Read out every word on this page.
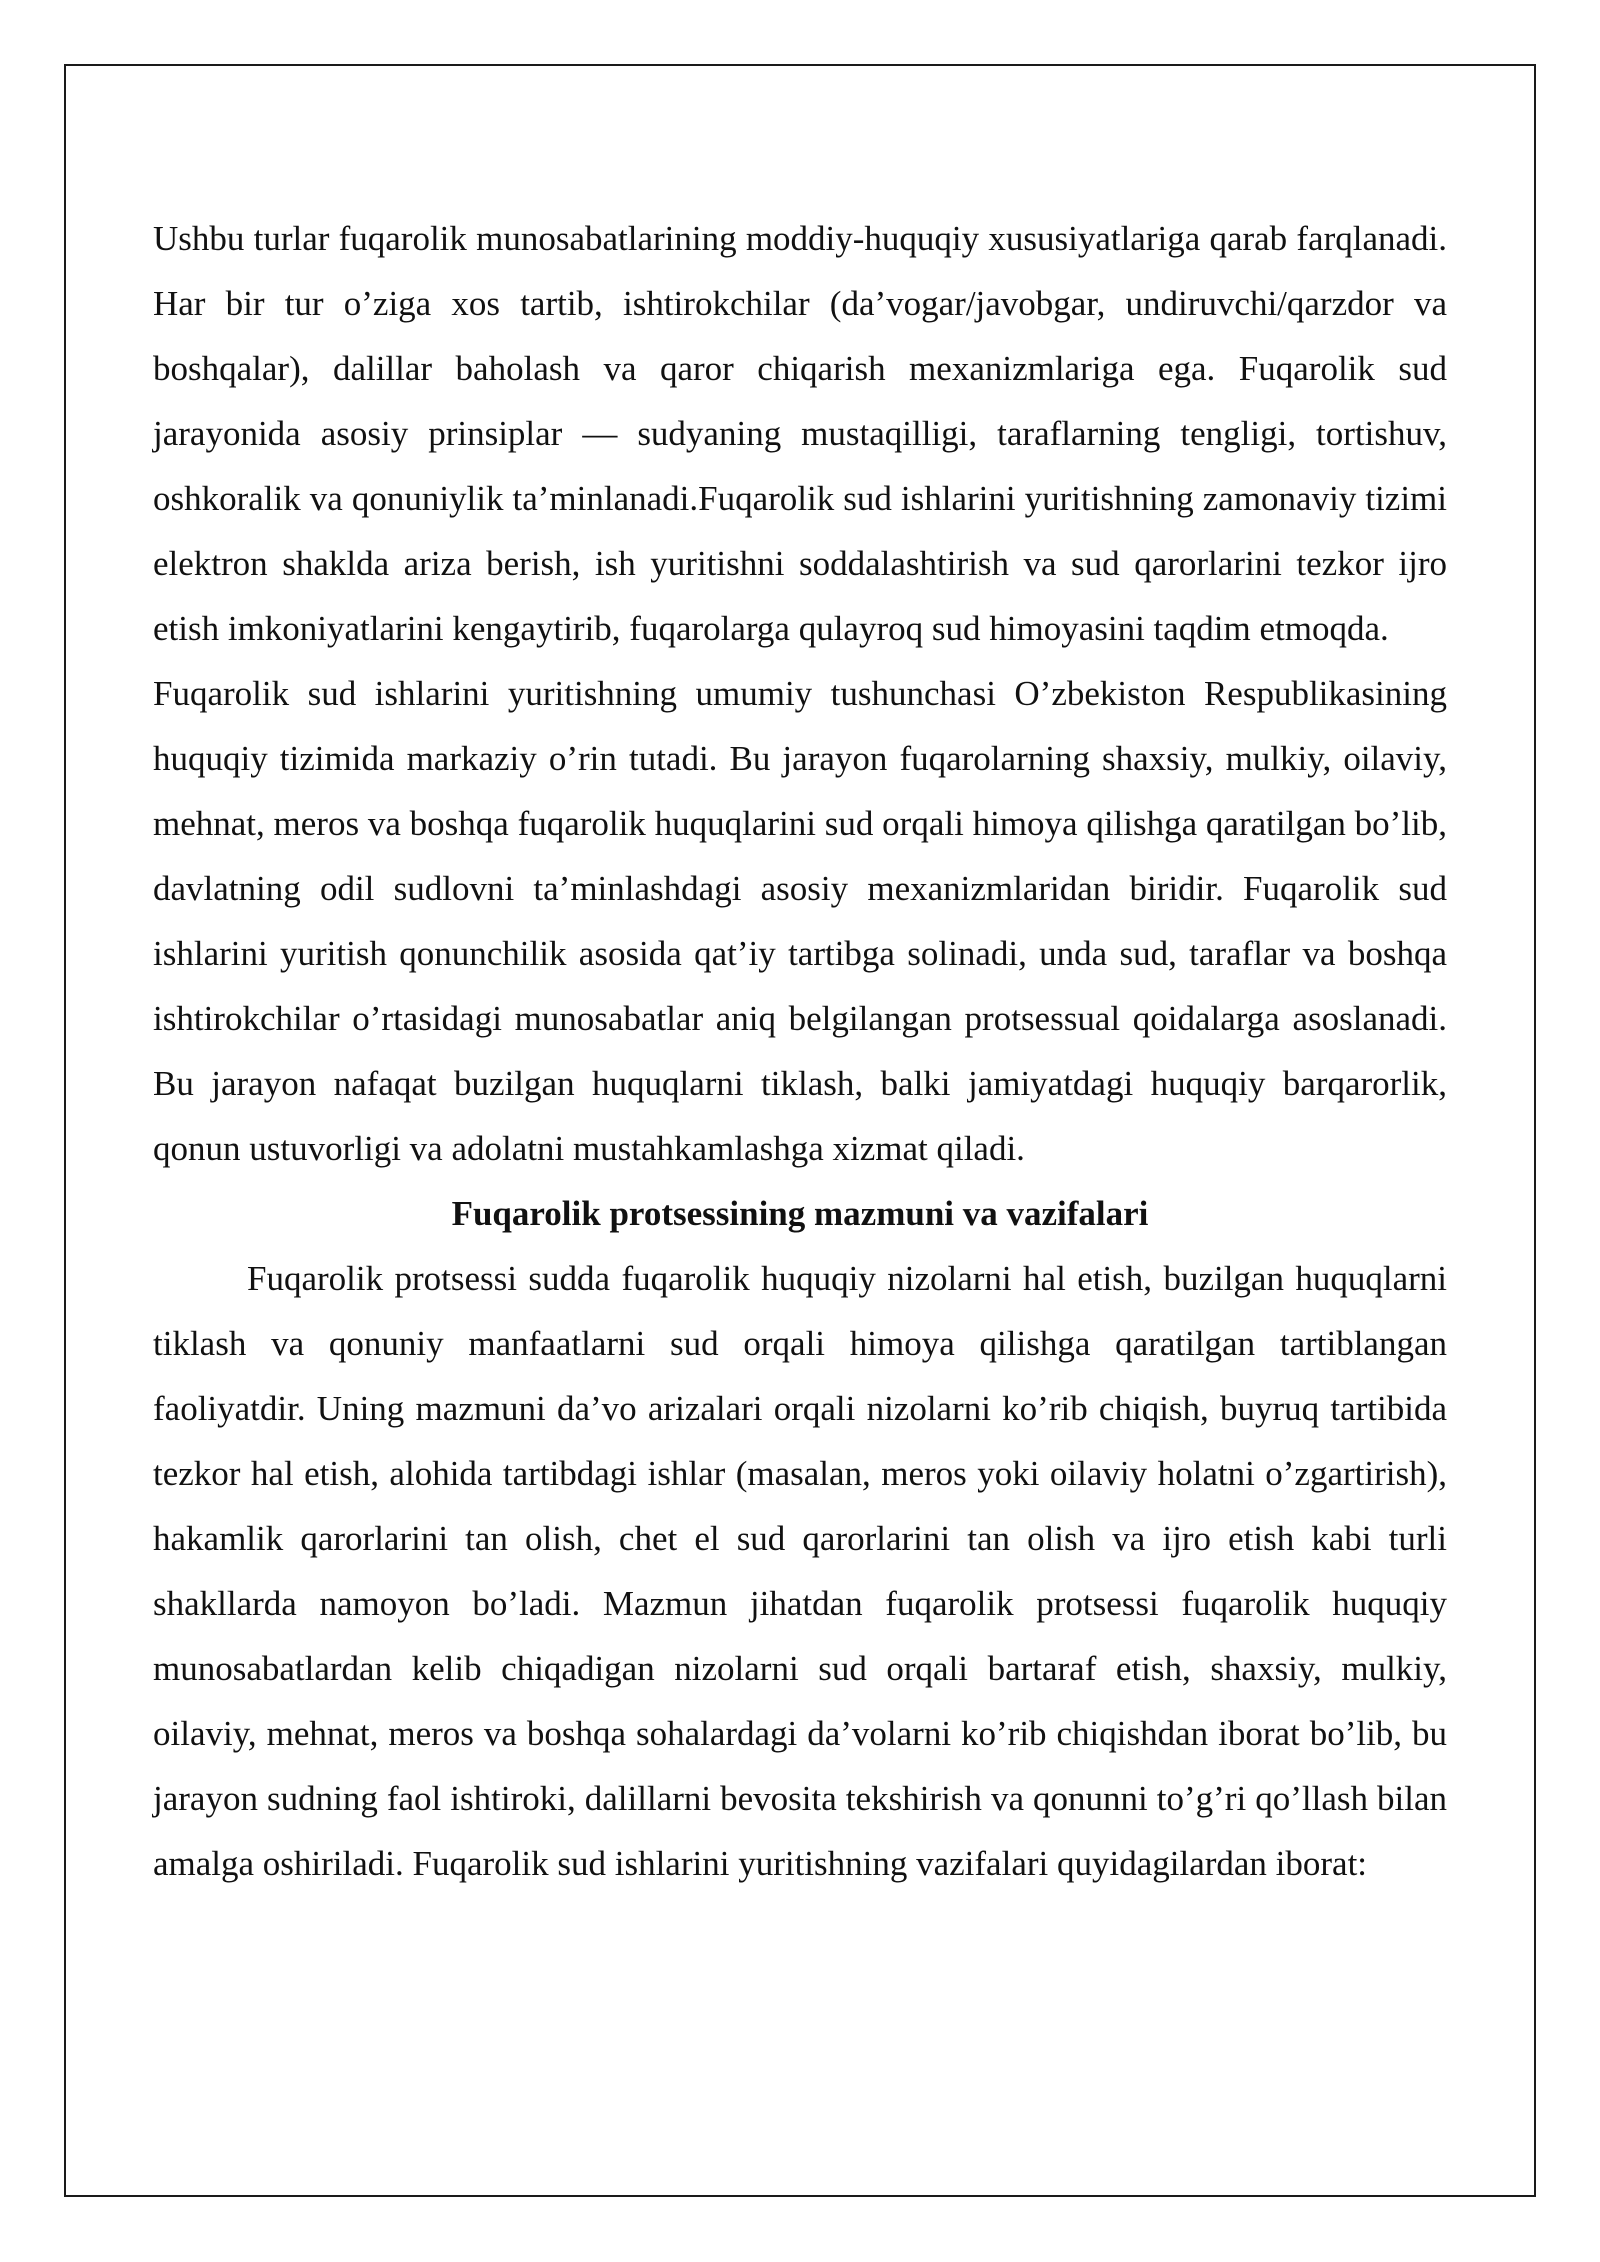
Ushbu turlar fuqarolik munosabatlarining moddiy-huquqiy xususiyatlariga qarab farqlanadi. Har bir tur o’ziga xos tartib, ishtirokchilar (da’vogar/javobgar, undiruvchi/qarzdor va boshqalar), dalillar baholash va qaror chiqarish mexanizmlariga ega. Fuqarolik sud jarayonida asosiy prinsiplar — sudyaning mustaqilligi, taraflarning tengligi, tortishuv, oshkoralik va qonuniylik ta’minlanadi.Fuqarolik sud ishlarini yuritishning zamonaviy tizimi elektron shaklda ariza berish, ish yuritishni soddalashtirish va sud qarorlarini tezkor ijro etish imkoniyatlarini kengaytirib, fuqarolarga qulayroq sud himoyasini taqdim etmoqda.

Fuqarolik sud ishlarini yuritishning umumiy tushunchasi O’zbekiston Respublikasining huquqiy tizimida markaziy o’rin tutadi. Bu jarayon fuqarolarning shaxsiy, mulkiy, oilaviy, mehnat, meros va boshqa fuqarolik huquqlarini sud orqali himoya qilishga qaratilgan bo’lib, davlatning odil sudlovni ta’minlashdagi asosiy mexanizmlaridan biridir. Fuqarolik sud ishlarini yuritish qonunchilik asosida qat’iy tartibga solinadi, unda sud, taraflar va boshqa ishtirokchilar o’rtasidagi munosabatlar aniq belgilangan protsessual qoidalarga asoslanadi. Bu jarayon nafaqat buzilgan huquqlarni tiklash, balki jamiyatdagi huquqiy barqarorlik, qonun ustuvorligi va adolatni mustahkamlashga xizmat qiladi.

Fuqarolik protsessining mazmuni va vazifalari

Fuqarolik protsessi sudda fuqarolik huquqiy nizolarni hal etish, buzilgan huquqlarni tiklash va qonuniy manfaatlarni sud orqali himoya qilishga qaratilgan tartiblangan faoliyatdir. Uning mazmuni da’vo arizalari orqali nizolarni ko’rib chiqish, buyruq tartibida tezkor hal etish, alohida tartibdagi ishlar (masalan, meros yoki oilaviy holatni o’zgartirish), hakamlik qarorlarini tan olish, chet el sud qarorlarini tan olish va ijro etish kabi turli shakllarda namoyon bo’ladi. Mazmun jihatdan fuqarolik protsessi fuqarolik huquqiy munosabatlardan kelib chiqadigan nizolarni sud orqali bartaraf etish, shaxsiy, mulkiy, oilaviy, mehnat, meros va boshqa sohalardagi da’volarni ko’rib chiqishdan iborat bo’lib, bu jarayon sudning faol ishtiroki, dalillarni bevosita tekshirish va qonunni to’g’ri qo’llash bilan amalga oshiriladi. Fuqarolik sud ishlarini yuritishning vazifalari quyidagilardan iborat:
